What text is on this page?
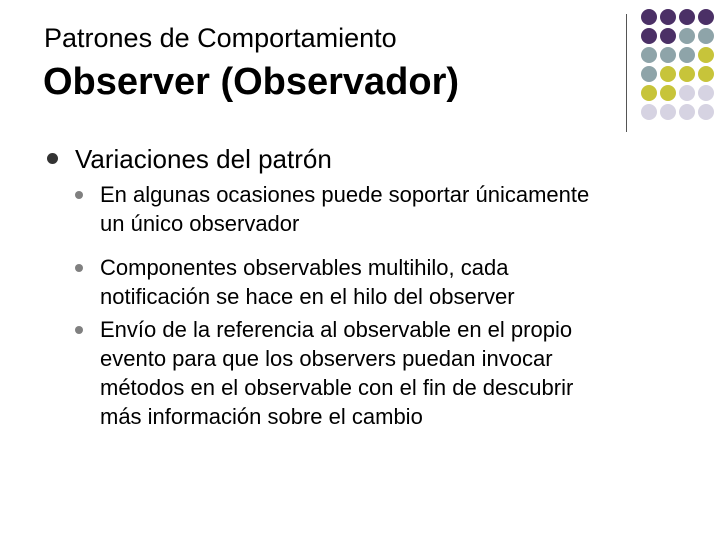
Patrones de Comportamiento
Observer (Observador)
Variaciones del patrón
En algunas ocasiones puede soportar únicamente
un único observador
Componentes observables multihilo, cada
notificación se hace en el hilo del observer
Envío de la referencia al observable en el propio
evento para que los observers puedan invocar
métodos en el observable con el fin de descubrir
más información sobre el cambio
